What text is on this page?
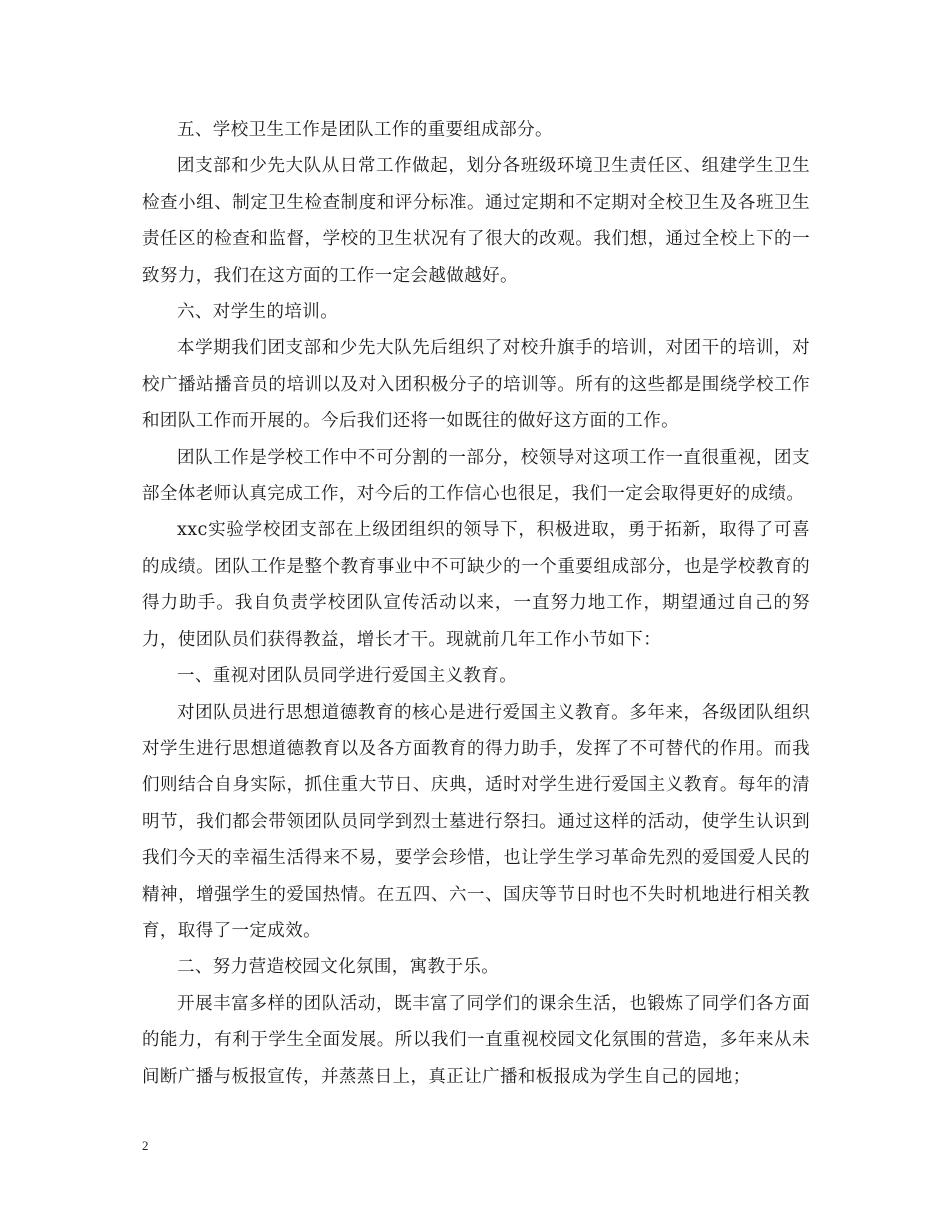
五、学校卫生工作是团队工作的重要组成部分。

团支部和少先大队从日常工作做起，划分各班级环境卫生责任区、组建学生卫生检查小组、制定卫生检查制度和评分标准。通过定期和不定期对全校卫生及各班卫生责任区的检查和监督，学校的卫生状况有了很大的改观。我们想，通过全校上下的一致努力，我们在这方面的工作一定会越做越好。

六、对学生的培训。

本学期我们团支部和少先大队先后组织了对校升旗手的培训，对团干的培训，对校广播站播音员的培训以及对入团积极分子的培训等。所有的这些都是围绕学校工作和团队工作而开展的。今后我们还将一如既往的做好这方面的工作。

团队工作是学校工作中不可分割的一部分，校领导对这项工作一直很重视，团支部全体老师认真完成工作，对今后的工作信心也很足，我们一定会取得更好的成绩。

xxc实验学校团支部在上级团组织的领导下，积极进取，勇于拓新，取得了可喜的成绩。团队工作是整个教育事业中不可缺少的一个重要组成部分，也是学校教育的得力助手。我自负责学校团队宣传活动以来，一直努力地工作，期望通过自己的努力，使团队员们获得教益，增长才干。现就前几年工作小节如下：

一、重视对团队员同学进行爱国主义教育。

对团队员进行思想道德教育的核心是进行爱国主义教育。多年来，各级团队组织对学生进行思想道德教育以及各方面教育的得力助手，发挥了不可替代的作用。而我们则结合自身实际，抓住重大节日、庆典，适时对学生进行爱国主义教育。每年的清明节，我们都会带领团队员同学到烈士墓进行祭扫。通过这样的活动，使学生认识到我们今天的幸福生活得来不易，要学会珍惜，也让学生学习革命先烈的爱国爱人民的精神，增强学生的爱国热情。在五四、六一、国庆等节日时也不失时机地进行相关教育，取得了一定成效。

二、努力营造校园文化氛围，寓教于乐。

开展丰富多样的团队活动，既丰富了同学们的课余生活，也锻炼了同学们各方面的能力，有利于学生全面发展。所以我们一直重视校园文化氛围的营造，多年来从未间断广播与板报宣传，并蒸蒸日上，真正让广播和板报成为学生自己的园地；

2
